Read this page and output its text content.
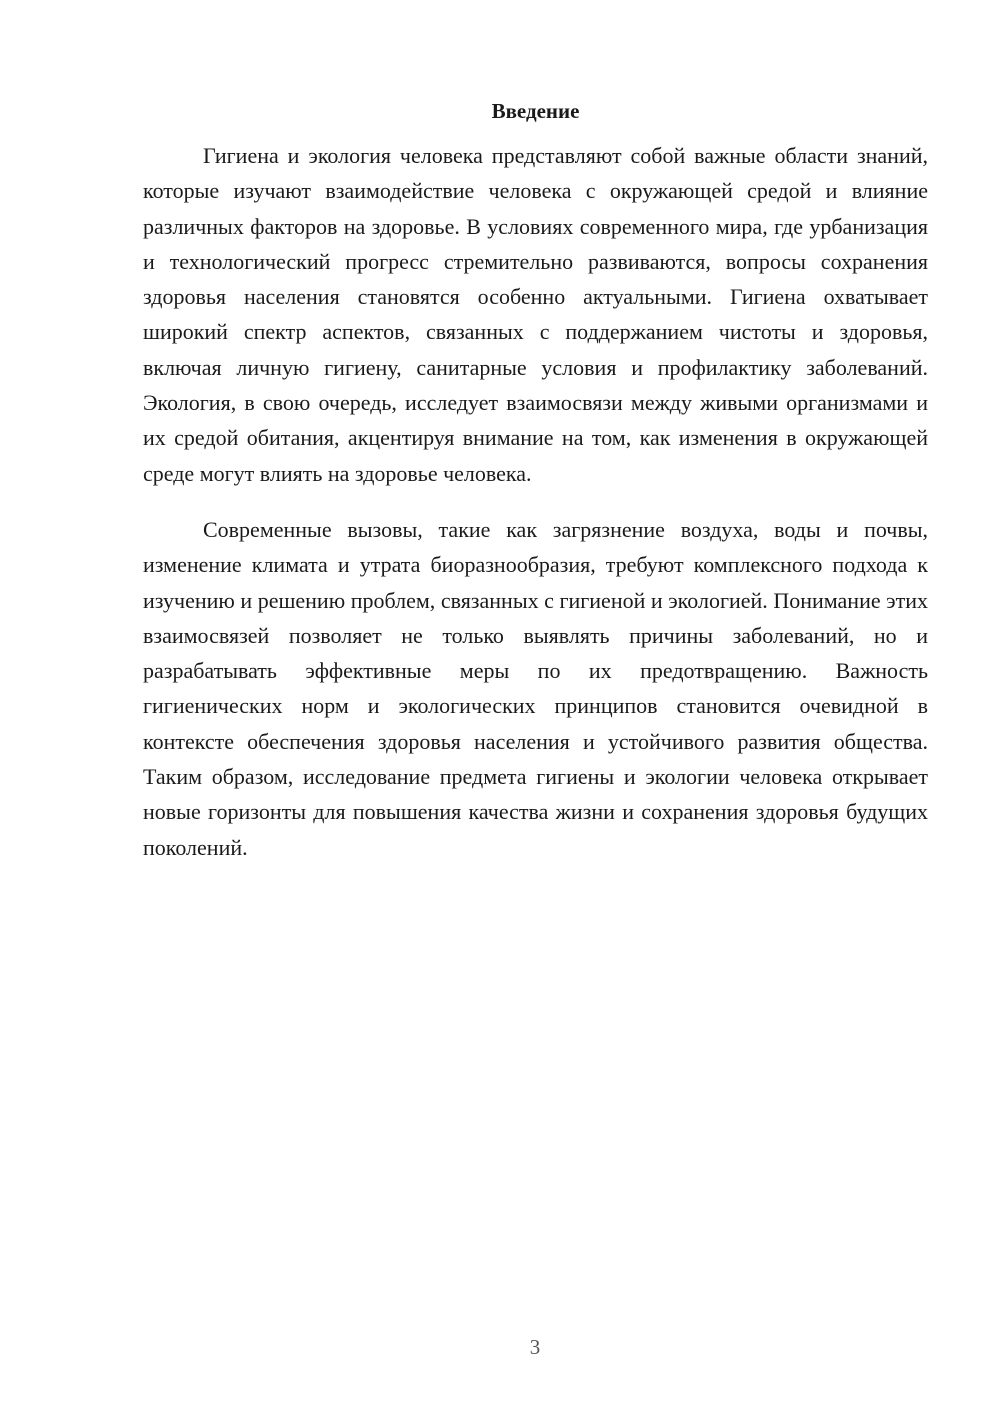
Введение

Гигиена и экология человека представляют собой важные области знаний, которые изучают взаимодействие человека с окружающей средой и влияние различных факторов на здоровье. В условиях современного мира, где урбанизация и технологический прогресс стремительно развиваются, вопросы сохранения здоровья населения становятся особенно актуальными. Гигиена охватывает широкий спектр аспектов, связанных с поддержанием чистоты и здоровья, включая личную гигиену, санитарные условия и профилактику заболеваний. Экология, в свою очередь, исследует взаимосвязи между живыми организмами и их средой обитания, акцентируя внимание на том, как изменения в окружающей среде могут влиять на здоровье человека.

Современные вызовы, такие как загрязнение воздуха, воды и почвы, изменение климата и утрата биоразнообразия, требуют комплексного подхода к изучению и решению проблем, связанных с гигиеной и экологией. Понимание этих взаимосвязей позволяет не только выявлять причины заболеваний, но и разрабатывать эффективные меры по их предотвращению. Важность гигиенических норм и экологических принципов становится очевидной в контексте обеспечения здоровья населения и устойчивого развития общества. Таким образом, исследование предмета гигиены и экологии человека открывает новые горизонты для повышения качества жизни и сохранения здоровья будущих поколений.

3
